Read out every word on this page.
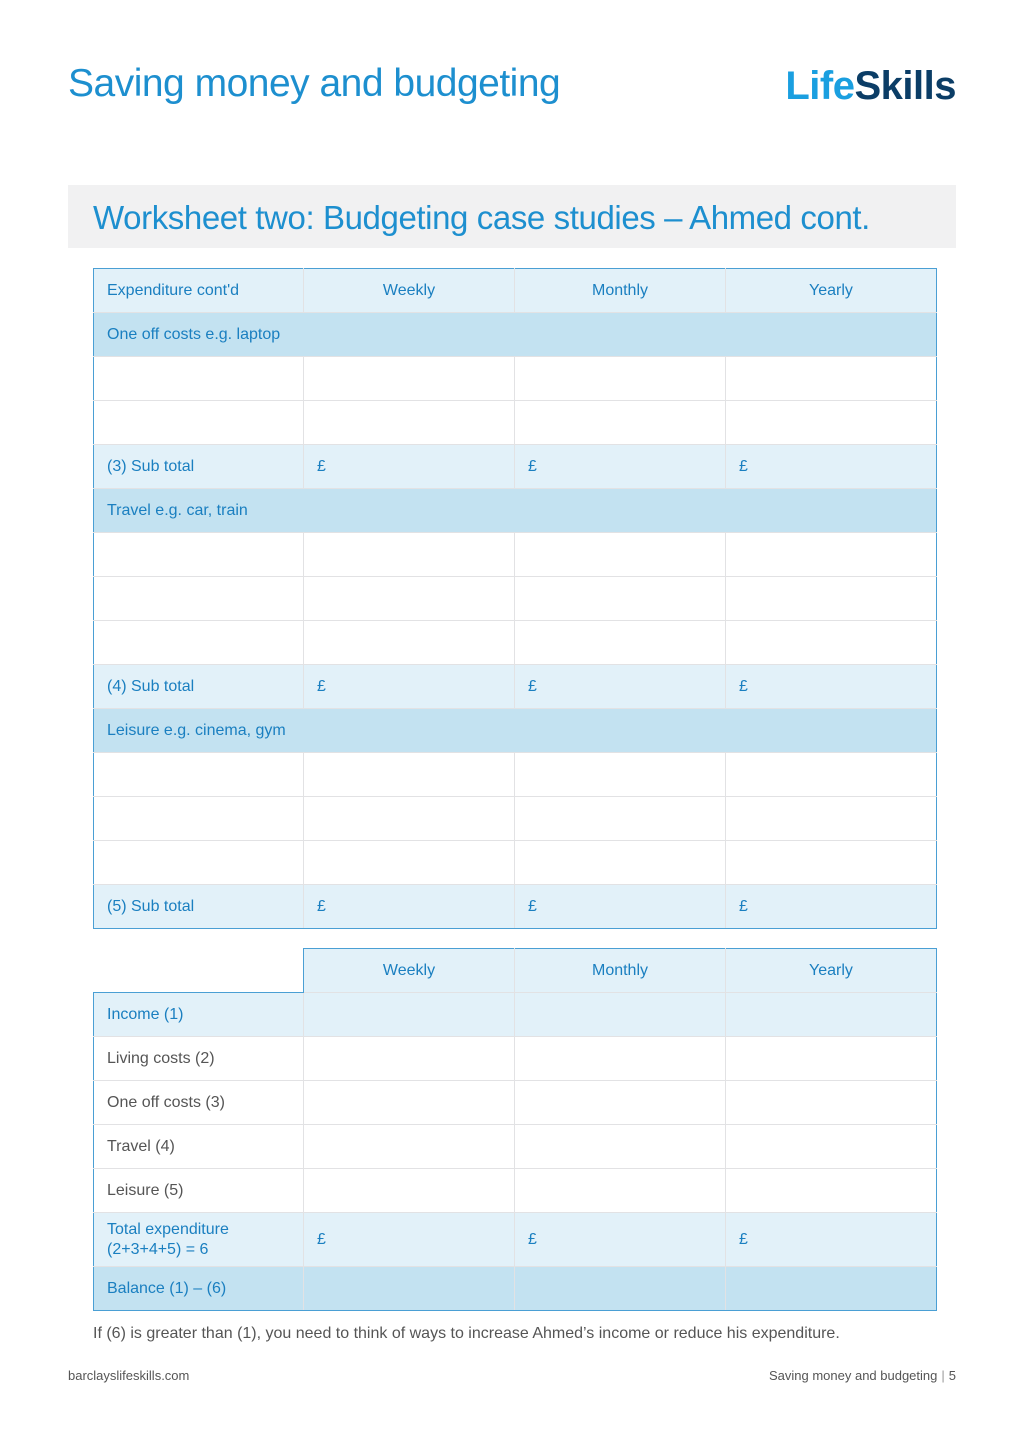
Saving money and budgeting	LifeSkills
Worksheet two: Budgeting case studies – Ahmed cont.
Expenditure cont'd	Weekly	Monthly	Yearly
One off costs e.g. laptop			

(3) Sub total	£	£	£
Travel e.g. car, train			

(4) Sub total	£	£	£
Leisure e.g. cinema, gym			

(5) Sub total	£	£	£
	Weekly	Monthly	Yearly
Income (1)			
Living costs (2)			
One off costs (3)			
Travel (4)			
Leisure (5)			
Total expenditure
(2+3+4+5) = 6	£	£	£
Balance (1) – (6)			

If (6) is greater than (1), you need to think of ways to increase Ahmed’s income or reduce his expenditure.

barclayslifeskills.com	Saving money and budgeting | 5
